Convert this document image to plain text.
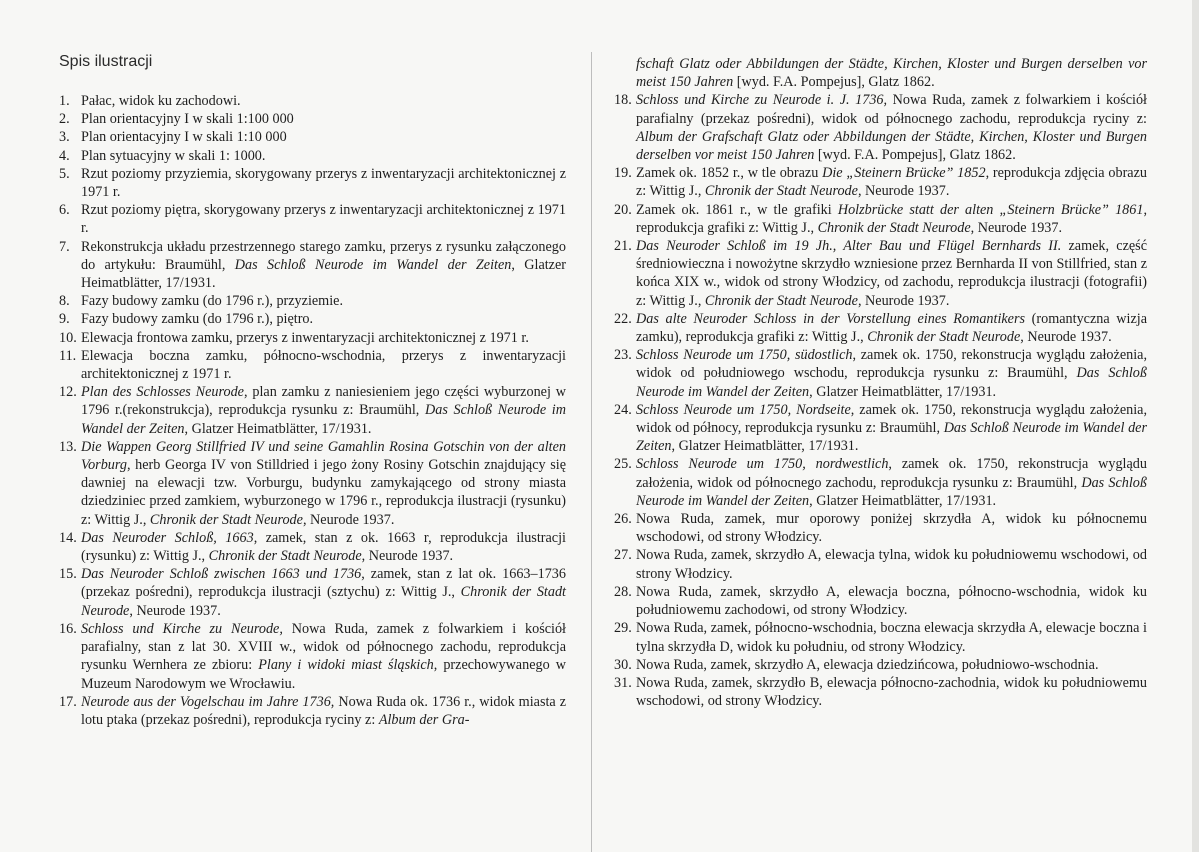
Spis ilustracji
1. Pałac, widok ku zachodowi.
2. Plan orientacyjny I w skali 1:100 000
3. Plan orientacyjny I w skali 1:10 000
4. Plan sytuacyjny w skali 1: 1000.
5. Rzut poziomy przyziemia, skorygowany przerys z inwentaryzacji architektonicznej z 1971 r.
6. Rzut poziomy piętra, skorygowany przerys z inwentaryzacji architektonicznej z 1971 r.
7. Rekonstrukcja układu przestrzennego starego zamku, przerys z rysunku załączonego do artykułu: Braumühl, Das Schloß Neurode im Wandel der Zeiten, Glatzer Heimatblätter, 17/1931.
8. Fazy budowy zamku (do 1796 r.), przyziemie.
9. Fazy budowy zamku (do 1796 r.), piętro.
10. Elewacja frontowa zamku, przerys z inwentaryzacji architektonicznej z 1971 r.
11. Elewacja boczna zamku, północno-wschodnia, przerys z inwentaryzacji architektonicznej z 1971 r.
12. Plan des Schlosses Neurode, plan zamku z naniesieniem jego części wyburzonej w 1796 r.(rekonstrukcja), reprodukcja rysunku z: Braumühl, Das Schloß Neurode im Wandel der Zeiten, Glatzer Heimatblätter, 17/1931.
13. Die Wappen Georg Stillfried IV und seine Gamahlin Rosina Gotschin von der alten Vorburg, herb Georga IV von Stilldried i jego żony Rosiny Gotschin znajdujący się dawniej na elewacji tzw. Vorburgu, budynku zamykającego od strony miasta dziedziniec przed zamkiem, wyburzonego w 1796 r., reprodukcja ilustracji (rysunku) z: Wittig J., Chronik der Stadt Neurode, Neurode 1937.
14. Das Neuroder Schloß, 1663, zamek, stan z ok. 1663 r, reprodukcja ilustracji (rysunku) z: Wittig J., Chronik der Stadt Neurode, Neurode 1937.
15. Das Neuroder Schloß zwischen 1663 und 1736, zamek, stan z lat ok. 1663–1736 (przekaz pośredni), reprodukcja ilustracji (sztychu) z: Wittig J., Chronik der Stadt Neurode, Neurode 1937.
16. Schloss und Kirche zu Neurode, Nowa Ruda, zamek z folwarkiem i kościół parafialny, stan z lat 30. XVIII w., widok od północnego zachodu, reprodukcja rysunku Wernhera ze zbioru: Plany i widoki miast śląskich, przechowywanego w Muzeum Narodowym we Wrocławiu.
17. Neurode aus der Vogelschau im Jahre 1736, Nowa Ruda ok. 1736 r., widok miasta z lotu ptaka (przekaz pośredni), reprodukcja ryciny z: Album der Gra-
fschaft Glatz oder Abbildungen der Städte, Kirchen, Kloster und Burgen derselben vor meist 150 Jahren [wyd. F.A. Pompejus], Glatz 1862.
18. Schloss und Kirche zu Neurode i. J. 1736, Nowa Ruda, zamek z folwarkiem i kościół parafialny (przekaz pośredni), widok od północnego zachodu, reprodukcja ryciny z: Album der Grafschaft Glatz oder Abbildungen der Städte, Kirchen, Kloster und Burgen derselben vor meist 150 Jahren [wyd. F.A. Pompejus], Glatz 1862.
19. Zamek ok. 1852 r., w tle obrazu Die „Steinern Brücke” 1852, reprodukcja zdjęcia obrazu z: Wittig J., Chronik der Stadt Neurode, Neurode 1937.
20. Zamek ok. 1861 r., w tle grafiki Holzbrücke statt der alten „Steinern Brücke” 1861, reprodukcja grafiki z: Wittig J., Chronik der Stadt Neurode, Neurode 1937.
21. Das Neuroder Schloß im 19 Jh., Alter Bau und Flügel Bernhards II. zamek, część średniowieczna i nowożytne skrzydło wzniesione przez Bernharda II von Stillfried, stan z końca XIX w., widok od strony Włodzicy, od zachodu, reprodukcja ilustracji (fotografii) z: Wittig J., Chronik der Stadt Neurode, Neurode 1937.
22. Das alte Neuroder Schloss in der Vorstellung eines Romantikers (romantyczna wizja zamku), reprodukcja grafiki z: Wittig J., Chronik der Stadt Neurode, Neurode 1937.
23. Schloss Neurode um 1750, südostlich, zamek ok. 1750, rekonstrucja wyglądu założenia, widok od południowego wschodu, reprodukcja rysunku z: Braumühl, Das Schloß Neurode im Wandel der Zeiten, Glatzer Heimatblätter, 17/1931.
24. Schloss Neurode um 1750, Nordseite, zamek ok. 1750, rekonstrucja wyglądu założenia, widok od północy, reprodukcja rysunku z: Braumühl, Das Schloß Neurode im Wandel der Zeiten, Glatzer Heimatblätter, 17/1931.
25. Schloss Neurode um 1750, nordwestlich, zamek ok. 1750, rekonstrucja wyglądu założenia, widok od północnego zachodu, reprodukcja rysunku z: Braumühl, Das Schloß Neurode im Wandel der Zeiten, Glatzer Heimatblätter, 17/1931.
26. Nowa Ruda, zamek, mur oporowy poniżej skrzydła A, widok ku północnemu wschodowi, od strony Włodzicy.
27. Nowa Ruda, zamek, skrzydło A, elewacja tylna, widok ku południowemu wschodowi, od strony Włodzicy.
28. Nowa Ruda, zamek, skrzydło A, elewacja boczna, północno-wschodnia, widok ku południowemu zachodowi, od strony Włodzicy.
29. Nowa Ruda, zamek, północno-wschodnia, boczna elewacja skrzydła A, elewacje boczna i tylna skrzydła D, widok ku południu, od strony Włodzicy.
30. Nowa Ruda, zamek, skrzydło A, elewacja dziedzińcowa, południowo-wschodnia.
31. Nowa Ruda, zamek, skrzydło B, elewacja północno-zachodnia, widok ku południowemu wschodowi, od strony Włodzicy.
